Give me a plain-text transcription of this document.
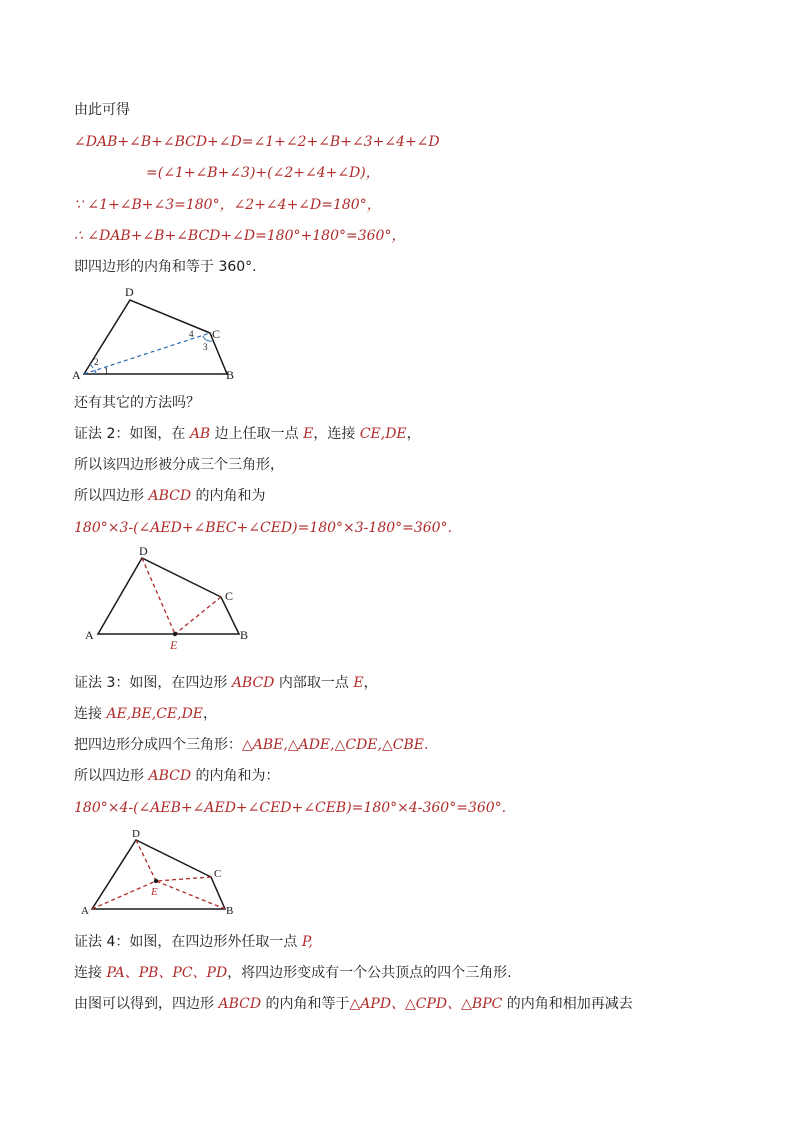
由此可得
∠DAB+∠B+∠BCD+∠D=∠1+∠2+∠B+∠3+∠4+∠D
=(∠1+∠B+∠3)+(∠2+∠4+∠D)，
∵ ∠1+∠B+∠3=180°，∠2+∠4+∠D=180°，
∴ ∠DAB+∠B+∠BCD+∠D=180°+180°=360°，
即四边形的内角和等于 360°.
D
C
A	B
1
2
3
4
还有其它的方法吗？
证法 2：如图，在 AB 边上任取一点 E，连接 CE,DE，
所以该四边形被分成三个三角形，
所以四边形 ABCD 的内角和为
180°×3-(∠AED+∠BEC+∠CED)=180°×3-180°=360°.
D
C
A	B
E
证法 3：如图，在四边形 ABCD 内部取一点 E，
连接 AE,BE,CE,DE，
把四边形分成四个三角形：△ABE,△ADE,△CDE,△CBE.
所以四边形 ABCD 的内角和为：
180°×4-(∠AEB+∠AED+∠CED+∠CEB)=180°×4-360°=360°.
D
C
A	B
E
证法 4：如图，在四边形外任取一点 P,
连接 PA、PB、PC、PD，将四边形变成有一个公共顶点的四个三角形.
由图可以得到，四边形 ABCD 的内角和等于△APD、△CPD、△BPC 的内角和相加再减去
